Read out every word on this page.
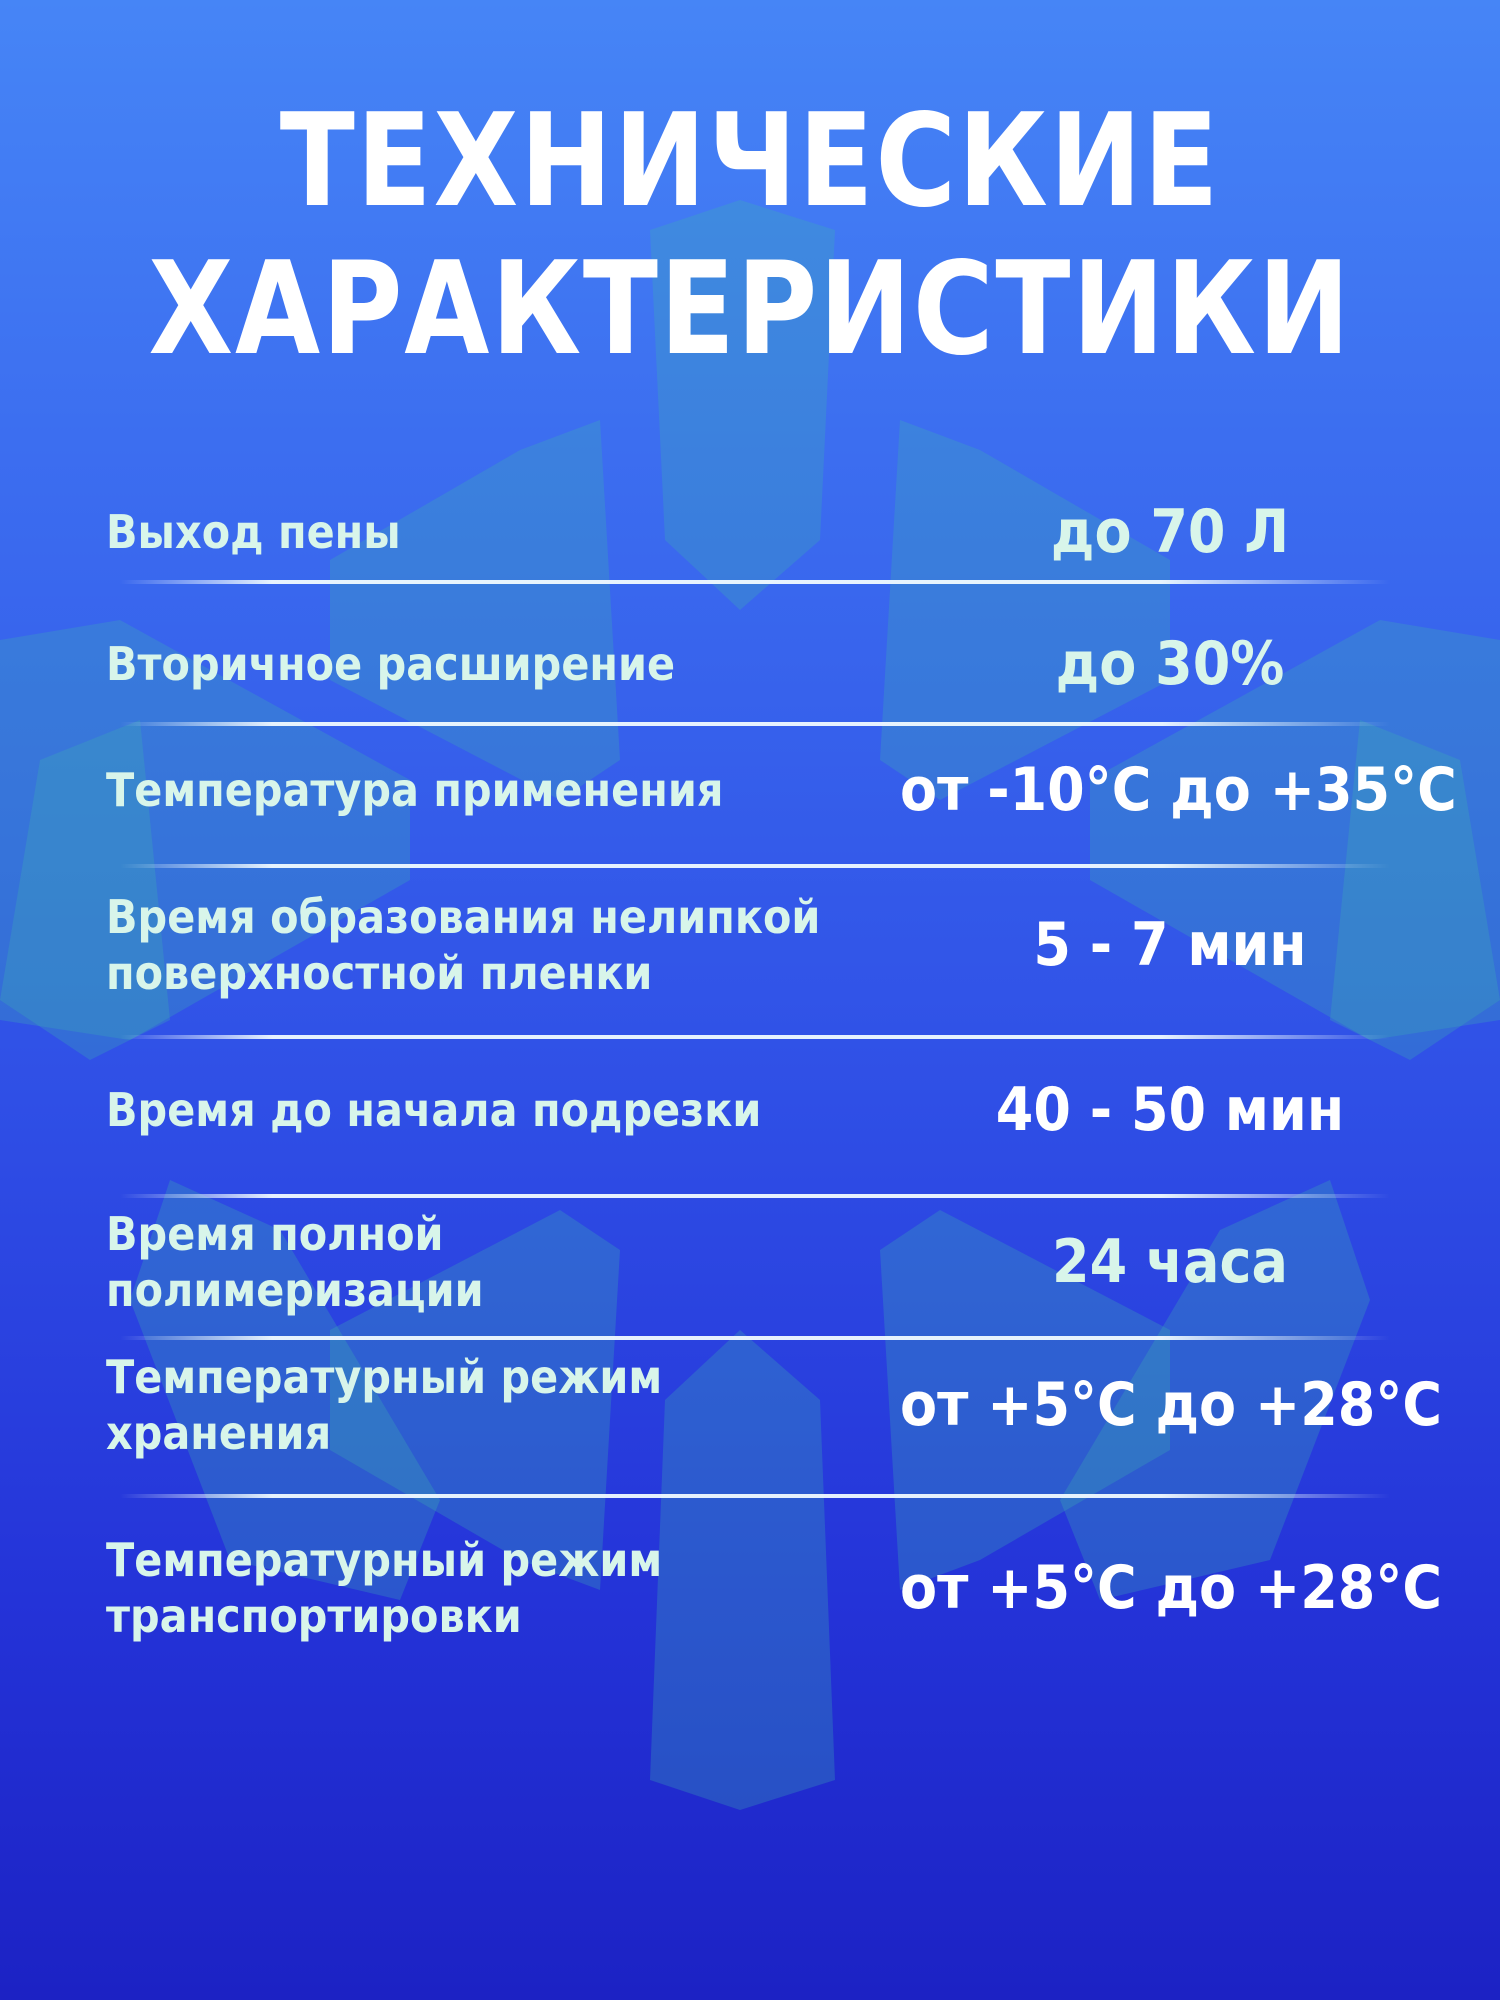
ТЕХНИЧЕСКИЕ
ХАРАКТЕРИСТИКИ
Выход пены	до 70 Л
Вторичное расширение	до 30%
Температура применения	от -10°С до +35°С
Время образования нелипкой
поверхностной пленки	5 - 7 мин
Время до начала подрезки	40 - 50 мин
Время полной полимеризации	24 часа
Температурный режим хранения	от +5°С до +28°С
Температурный режим
транспортировки	от +5°С до +28°С
